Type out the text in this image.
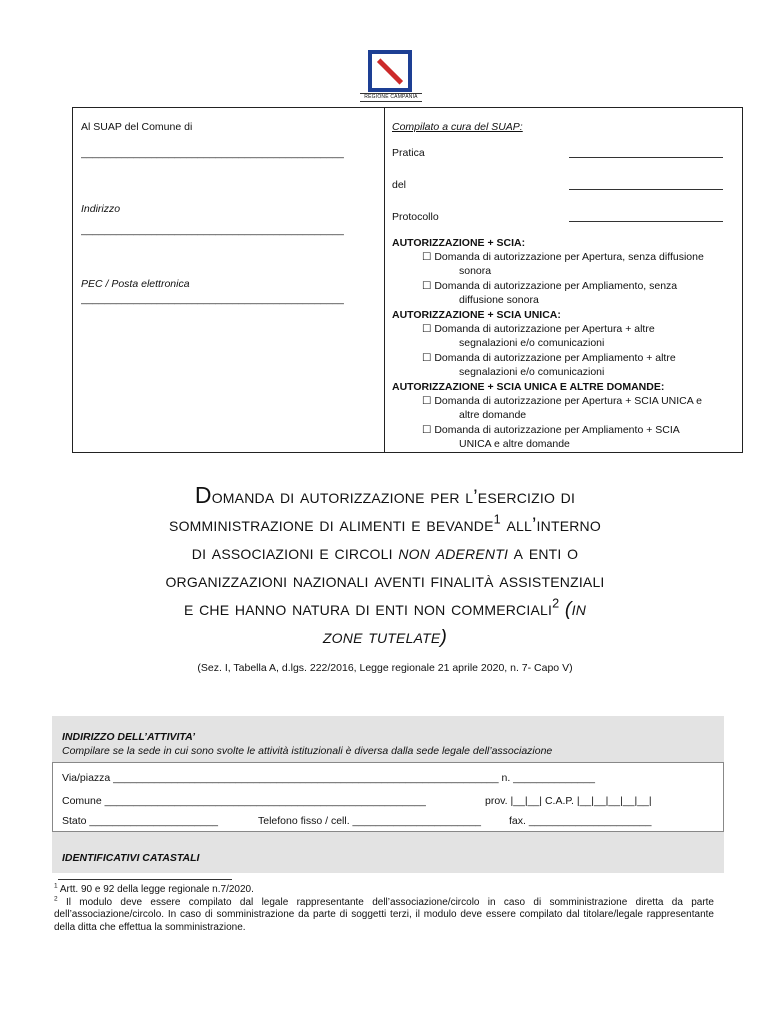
REGIONE CAMPANIA
Al SUAP del Comune di
_____________________________________________
Indirizzo
_____________________________________________
PEC / Posta elettronica
_____________________________________________
Compilato a cura del SUAP:
Pratica
del
Protocollo
AUTORIZZAZIONE + SCIA:
☐ Domanda di autorizzazione per Apertura, senza diffusione
sonora
☐ Domanda di autorizzazione per Ampliamento, senza
diffusione sonora
AUTORIZZAZIONE + SCIA UNICA:
☐ Domanda di autorizzazione per Apertura + altre
segnalazioni e/o comunicazioni
☐ Domanda di autorizzazione per Ampliamento + altre
segnalazioni e/o comunicazioni
AUTORIZZAZIONE + SCIA UNICA E ALTRE DOMANDE:
☐ Domanda di autorizzazione per Apertura + SCIA UNICA e
altre domande
☐ Domanda di autorizzazione per Ampliamento + SCIA
UNICA e altre domande
Domanda di autorizzazione per l’esercizio di
somministrazione di alimenti e bevande$^1$ all’interno
di associazioni e circoli non aderenti a enti o
organizzazioni nazionali aventi finalità assistenziali
e che hanno natura di enti non commerciali$^2$ (in
zone tutelate)
(Sez. I, Tabella A, d.lgs. 222/2016, Legge regionale 21 aprile 2020, n. 7- Capo V)
INDIRIZZO DELL’ATTIVITA’
Compilare se la sede in cui sono svolte le attività istituzionali è diversa dalla sede legale dell’associazione
IDENTIFICATIVI CATASTALI
Via/piazza __________________________________________________________________ n. ______________
Comune _______________________________________________________	prov. |__|__| C.A.P. |__|__|__|__|__|
Stato ______________________	Telefono fisso / cell. ______________________	fax. _____________________
$^1$ Artt. 90 e 92 della legge regionale n.7/2020.
$^2$ Il modulo deve essere compilato dal legale rappresentante dell’associazione/circolo in caso di somministrazione diretta da parte dell’associazione/circolo. In caso di somministrazione da parte di soggetti terzi, il modulo deve essere compilato dal titolare/legale rappresentante della ditta che effettua la somministrazione.
